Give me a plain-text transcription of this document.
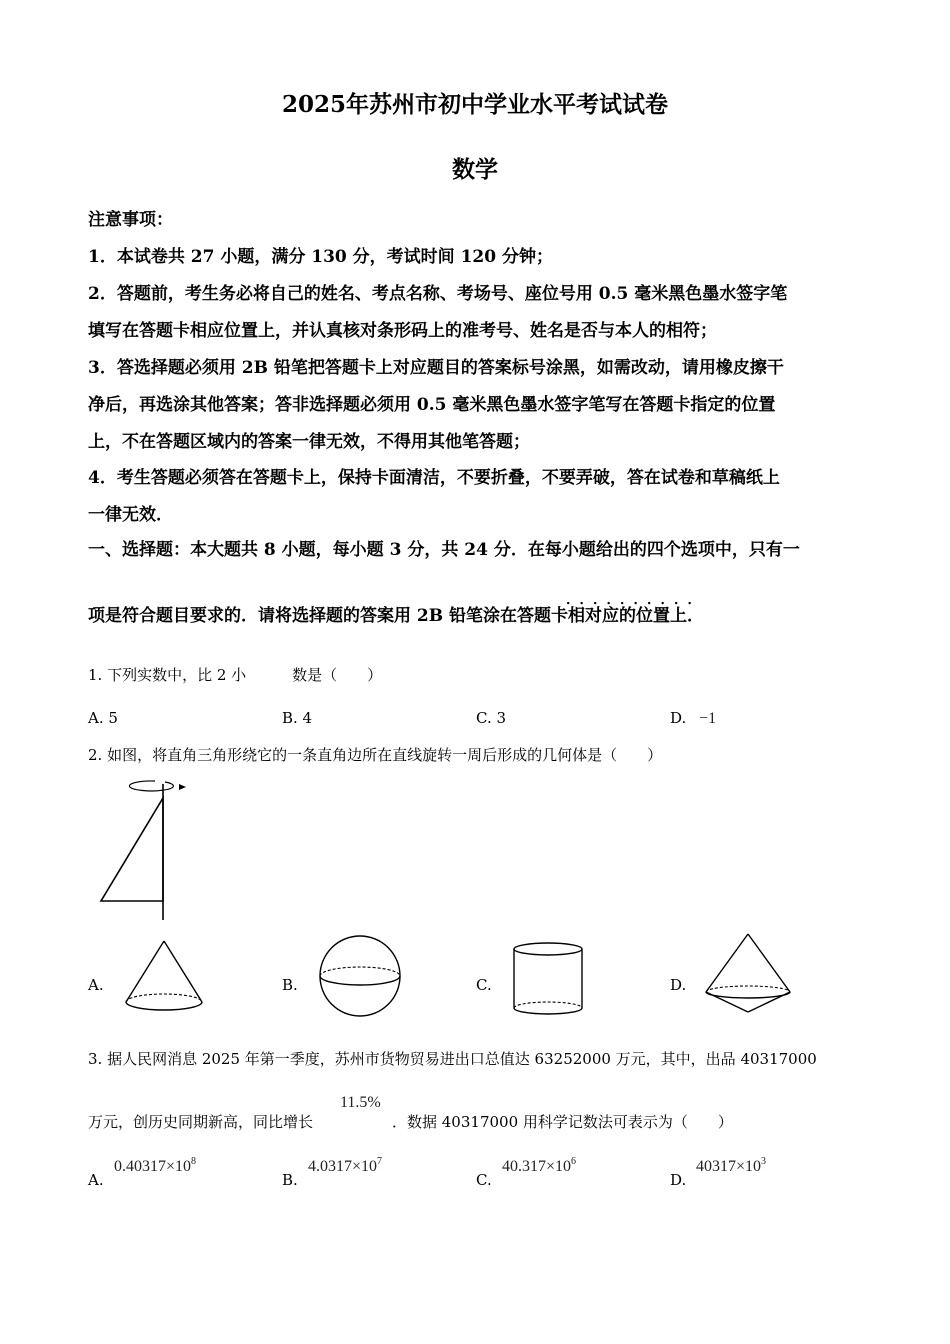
2025年苏州市初中学业水平考试试卷
数学
注意事项：
1．本试卷共 27 小题，满分 130 分，考试时间 120 分钟；
2．答题前，考生务必将自己的姓名、考点名称、考场号、座位号用 0.5 毫米黑色墨水签字笔
填写在答题卡相应位置上，并认真核对条形码上的准考号、姓名是否与本人的相符；
3．答选择题必须用 2B 铅笔把答题卡上对应题目的答案标号涂黑，如需改动，请用橡皮擦干
净后，再选涂其他答案；答非选择题必须用 0.5 毫米黑色墨水签字笔写在答题卡指定的位置
上，不在答题区域内的答案一律无效，不得用其他笔答题；
4．考生答题必须答在答题卡上，保持卡面清洁，不要折叠，不要弄破，答在试卷和草稿纸上
一律无效．
一、选择题：本大题共 8 小题，每小题 3 分，共 24 分．在每小题给出的四个选项中，只有一
．．．．．．．．．．
项是符合题目要求的．请将选择题的答案用 2B 铅笔涂在答题卡相对应的位置上．
1. 下列实数中，比 2 小	数是（　　）
A. 5	B. 4	C. 3	D. −1
2. 如图，将直角三角形绕它的一条直角边所在直线旋转一周后形成的几何体是（　　）
A.	B.	C.	D.
3. 据人民网消息 2025 年第一季度，苏州市货物贸易进出口总值达 63252000 万元，其中，出品 40317000
万元，创历史同期新高，同比增长
11.5%
．数据 40317000 用科学记数法可表示为（　　）
A.
$0.40317\times 10^8$
B.
$4.0317\times 10^7$
C.
$40.317\times 10^6$
D.
$40317\times 10^3$
